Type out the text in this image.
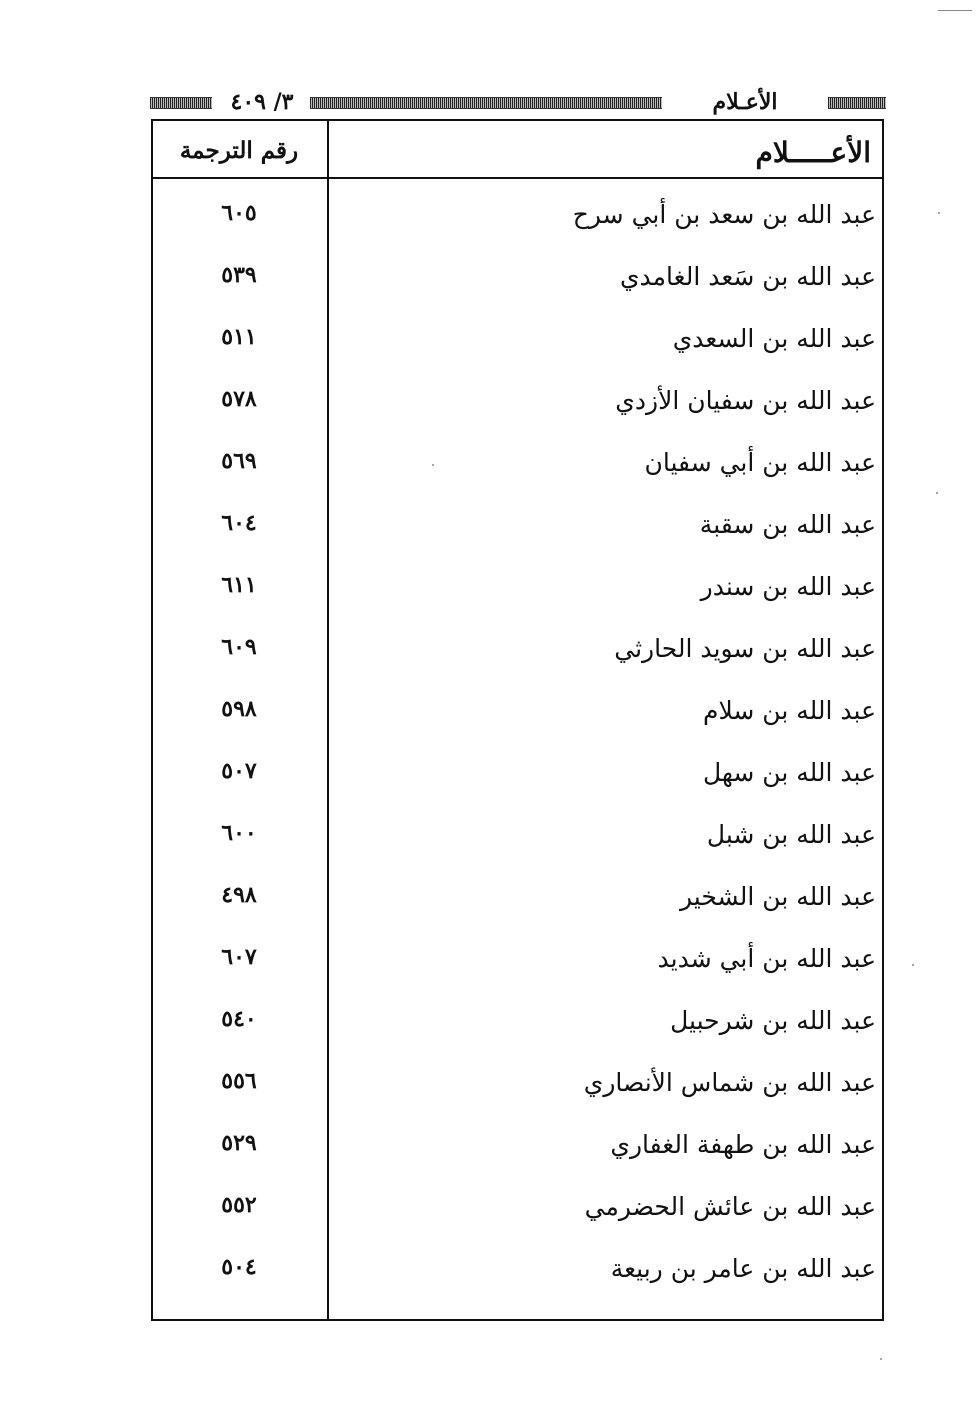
٣/ ٤٠٩	الأعـلام
رقم الترجمة	الأعـــــلام
٦٠٥	عبد الله بن سعد بن أبي سرح
٥٣٩	عبد الله بن سَعد الغامدي
٥١١	عبد الله بن السعدي
٥٧٨	عبد الله بن سفيان الأزدي
٥٦٩	عبد الله بن أبي سفيان
٦٠٤	عبد الله بن سقبة
٦١١	عبد الله بن سندر
٦٠٩	عبد الله بن سويد الحارثي
٥٩٨	عبد الله بن سلام
٥٠٧	عبد الله بن سهل
٦٠٠	عبد الله بن شبل
٤٩٨	عبد الله بن الشخير
٦٠٧	عبد الله بن أبي شديد
٥٤٠	عبد الله بن شرحبيل
٥٥٦	عبد الله بن شماس الأنصاري
٥٢٩	عبد الله بن طهفة الغفاري
٥٥٢	عبد الله بن عائش الحضرمي
٥٠٤	عبد الله بن عامر بن ربيعة
